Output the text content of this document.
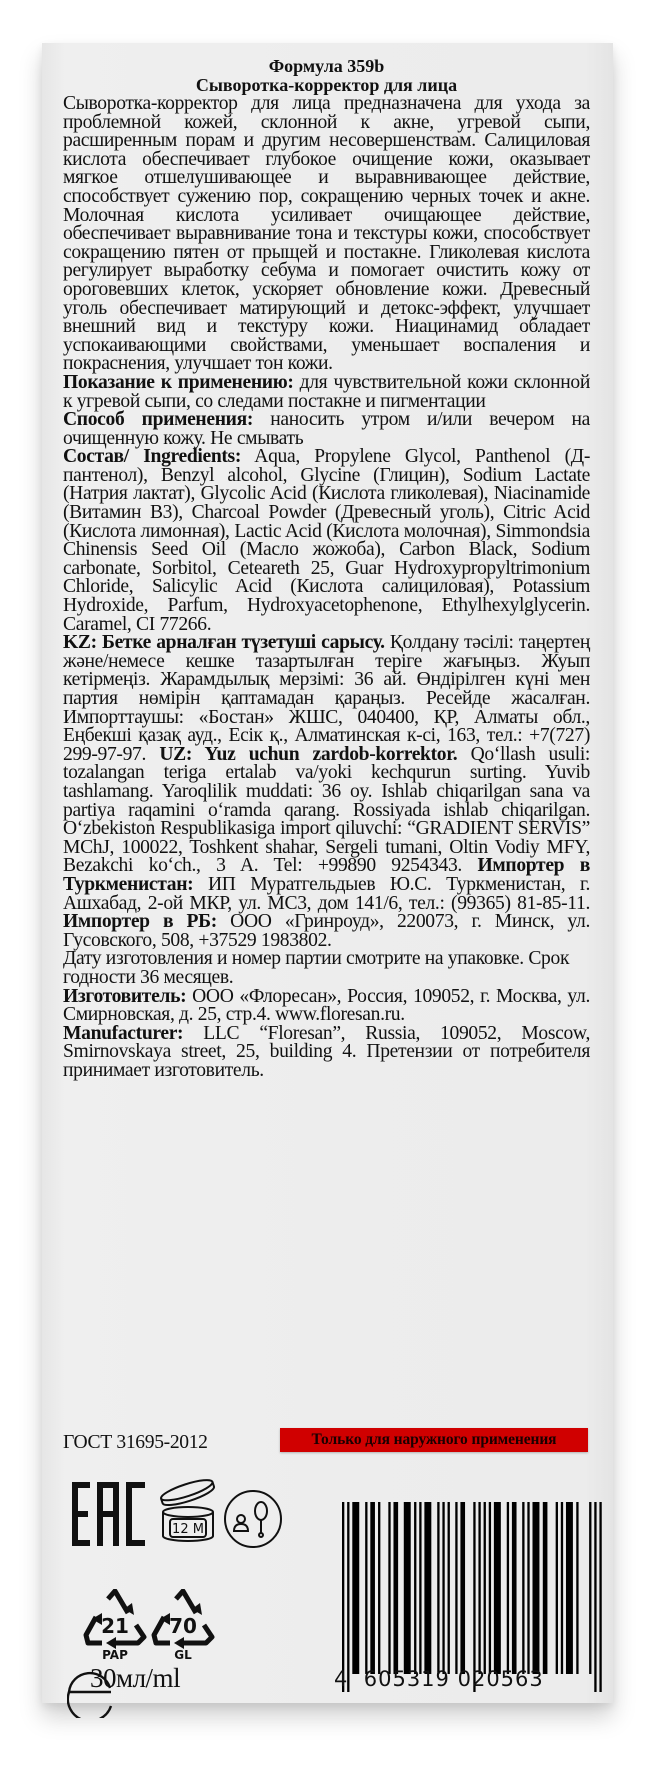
Формула 359b
Сыворотка-корректор для лица

Сыворотка-корректор для лица предназначена для ухода за проблемной кожей, склонной к акне, угревой сыпи, расширенным порам и другим несовершенствам. Салициловая кислота обеспечивает глубокое очищение кожи, оказывает мягкое отшелушивающее и выравнивающее действие, способствует сужению пор, сокращению черных точек и акне. Молочная кислота усиливает очищающее действие, обеспечивает выравнивание тона и текстуры кожи, способствует сокращению пятен от прыщей и постакне. Гликолевая кислота регулирует выработку себума и помогает очистить кожу от ороговевших клеток, ускоряет обновление кожи. Древесный уголь обеспечивает матирующий и детокс-эффект, улучшает внешний вид и текстуру кожи. Ниацинамид обладает успокаивающими свойствами, уменьшает воспаления и покраснения, улучшает тон кожи.

Показание к применению: для чувствительной кожи склонной к угревой сыпи, со следами постакне и пигментации

Способ применения: наносить утром и/или вечером на очищенную кожу. Не смывать

Состав/ Ingredients: Aqua, Propylene Glycol, Panthenol (Д-пантенол), Benzyl alcohol, Glycine (Глицин), Sodium Lactate (Натрия лактат), Glycolic Acid (Кислота гликолевая), Niacinamide (Витамин B3), Charcoal Powder (Древесный уголь), Citric Acid (Кислота лимонная), Lactic Acid (Кислота молочная), Simmondsia Chinensis Seed Oil (Масло жожоба), Carbon Black, Sodium carbonate, Sorbitol, Ceteareth 25, Guar Hydroxypropyltrimonium Chloride, Salicylic Acid (Кислота салициловая), Potassium Hydroxide, Parfum, Hydroxyacetophenone, Ethylhexylglycerin. Caramel, CI 77266.

KZ: Бетке арналған түзетуші сарысу. Қолдану тәсілі: таңертең және/немесе кешке тазартылған теріге жағыңыз. Жуып кетірмеңіз. Жарамдылық мерзімі: 36 ай. Өндірілген күні мен партия нөмірін қаптамадан қараңыз. Ресейде жасалған. Импорттаушы: «Бостан» ЖШС, 040400, ҚР, Алматы обл., Еңбекші қазақ ауд., Есік қ., Алматинская к-сі, 163, тел.: +7(727) 299-97-97. UZ: Yuz uchun zardob-korrektor. Qo‘llash usuli: tozalangan teriga ertalab va/yoki kechqurun surting. Yuvib tashlamang. Yaroqlilik muddati: 36 oy. Ishlab chiqarilgan sana va partiya raqamini o‘ramda qarang. Rossiyada ishlab chiqarilgan. O‘zbekiston Respublikasiga import qiluvchi: “GRADIENT SERVIS” MChJ, 100022, Toshkent shahar, Sergeli tumani, Oltin Vodiy MFY, Bezakchi ko‘ch., 3 A. Tel: +99890 9254343. Импортер в Туркменистан: ИП Муратгельдыев Ю.С. Туркменистан, г. Ашхабад, 2-ой МКР, ул. МС3, дом 141/6, тел.: (99365) 81-85-11. Импортер в РБ: ООО «Гринроуд», 220073, г. Минск, ул. Гусовского, 508, +37529 1983802.

Дату изготовления и номер партии смотрите на упаковке. Срок годности 36 месяцев.

Изготовитель: ООО «Флоресан», Россия, 109052, г. Москва, ул. Смирновская, д. 25, стр.4. www.floresan.ru.

Manufacturer: LLC “Floresan”, Russia, 109052, Moscow, Smirnovskaya street, 25, building 4. Претензии от потребителя принимает изготовитель.

ГОСТ 31695-2012	Только для наружного применения
12 M
21
PAP
70
GL
30мл/ml	4 605319 020563
